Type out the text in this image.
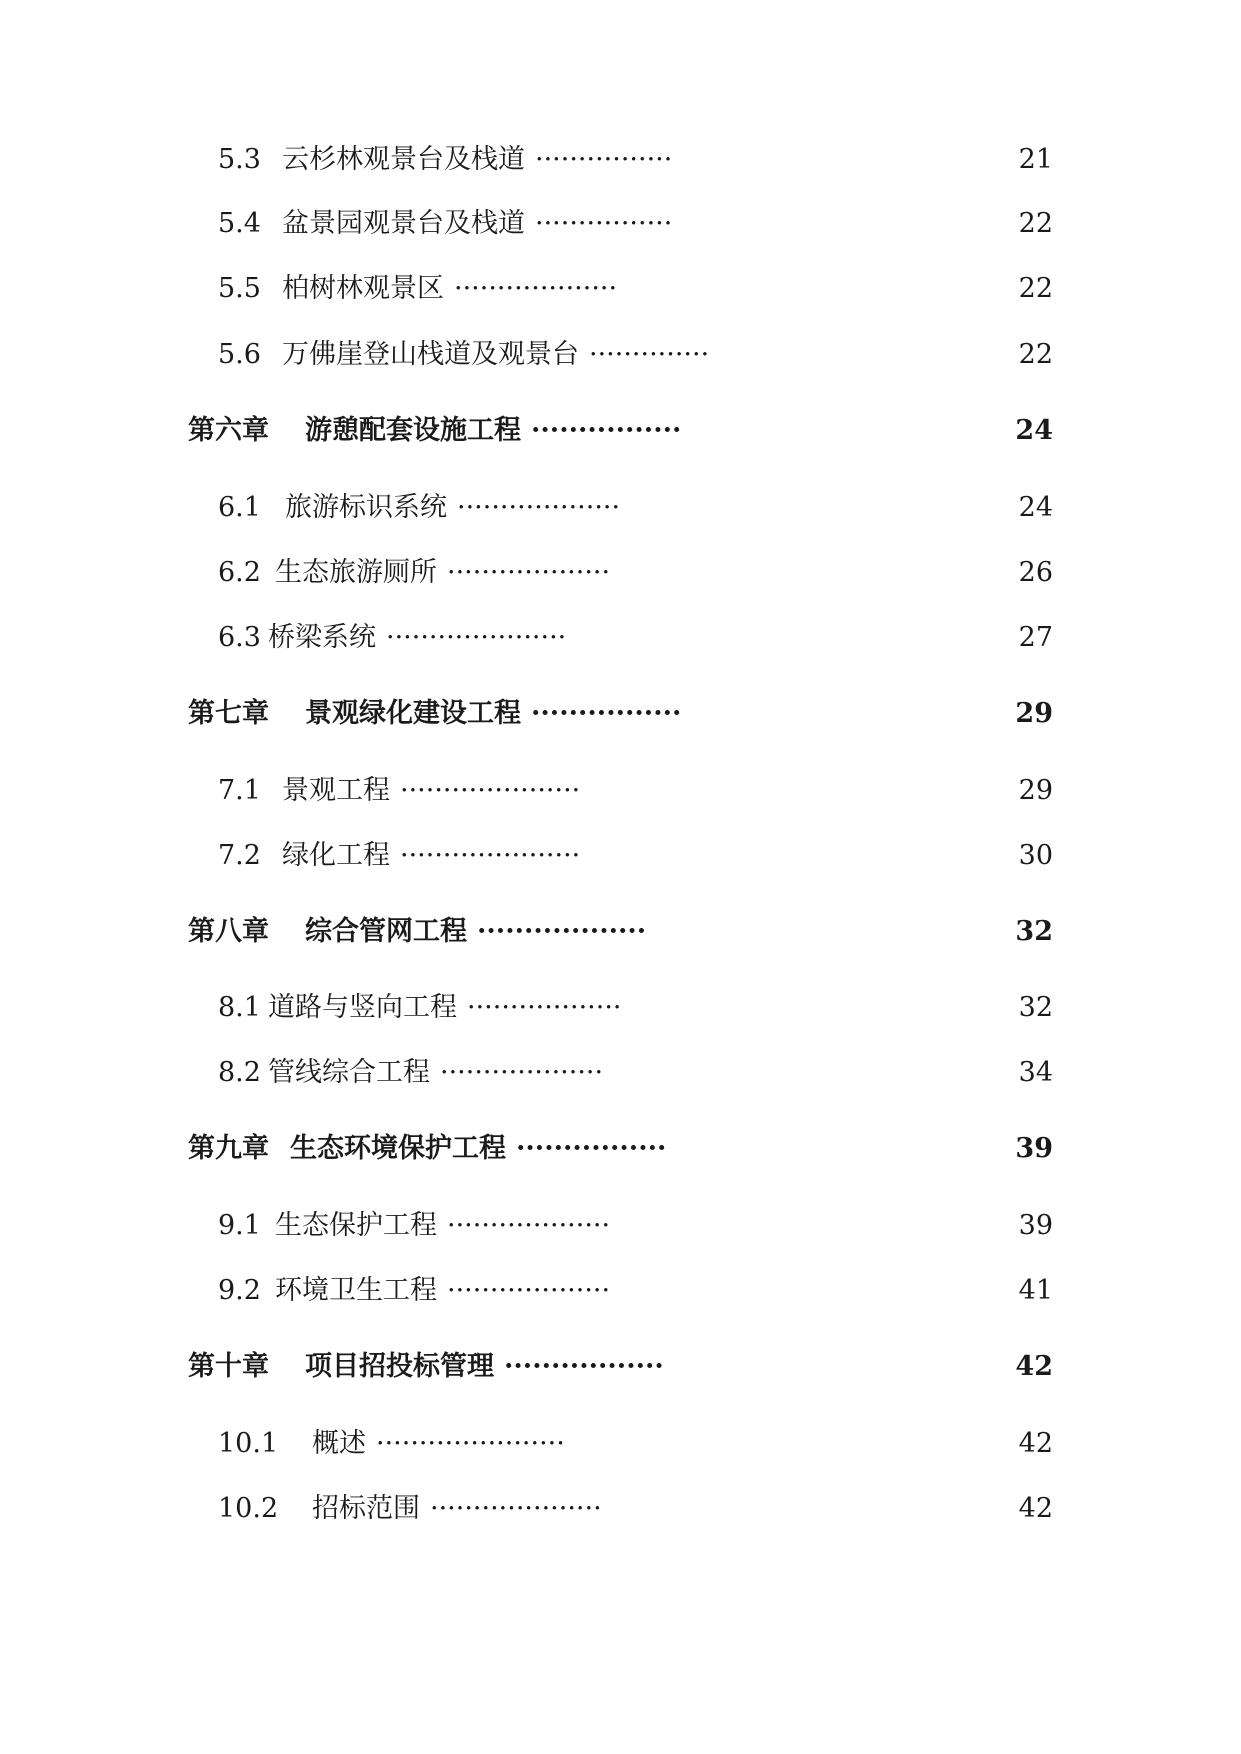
5.3 云杉林观景台及栈道 ················	21
5.4 盆景园观景台及栈道 ················	22
5.5 柏树林观景区 ···················	22
5.6 万佛崖登山栈道及观景台 ··············	22
第六章 游憩配套设施工程 ················	24
6.1 旅游标识系统 ···················	24
6.2 生态旅游厕所 ···················	26
6.3 桥梁系统 ·····················	27
第七章 景观绿化建设工程 ················	29
7.1 景观工程 ·····················	29
7.2 绿化工程 ·····················	30
第八章 综合管网工程 ··················	32
8.1 道路与竖向工程 ··················	32
8.2 管线综合工程 ···················	34
第九章 生态环境保护工程 ················	39
9.1 生态保护工程 ···················	39
9.2 环境卫生工程 ···················	41
第十章 项目招投标管理 ·················	42
10.1 概述 ······················	42
10.2 招标范围 ····················	42
